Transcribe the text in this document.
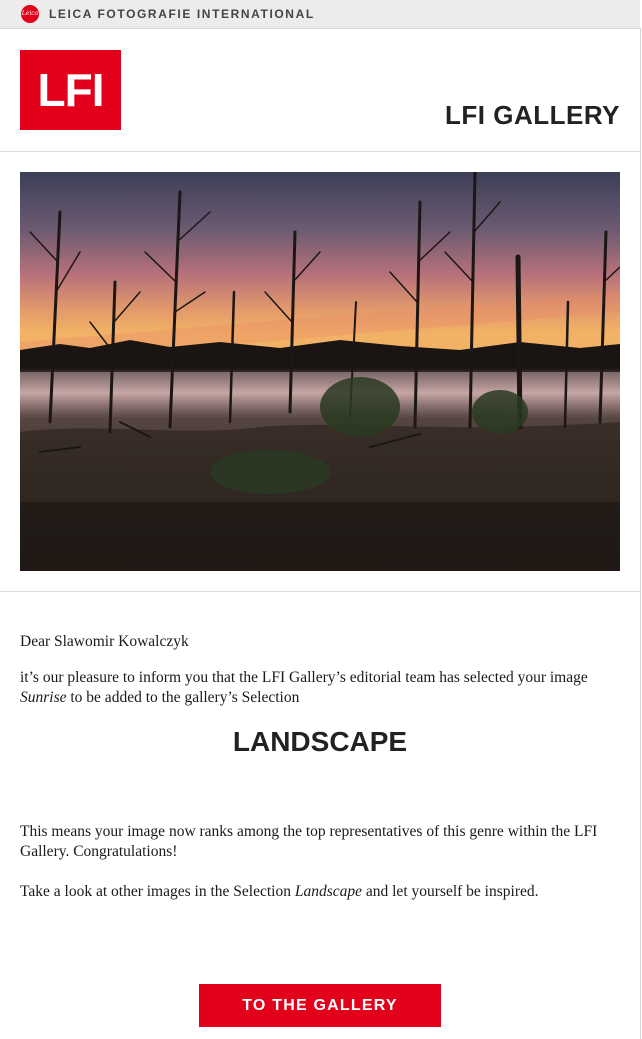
Leica LEICA FOTOGRAFIE INTERNATIONAL
LFI	LFI GALLERY
Dear Slawomir Kowalczyk
it’s our pleasure to inform you that the LFI Gallery’s editorial team has selected your image Sunrise to be added to the gallery’s Selection
LANDSCAPE
This means your image now ranks among the top representatives of this genre within the LFI Gallery. Congratulations!
Take a look at other images in the Selection Landscape and let yourself be inspired.
TO THE GALLERY
